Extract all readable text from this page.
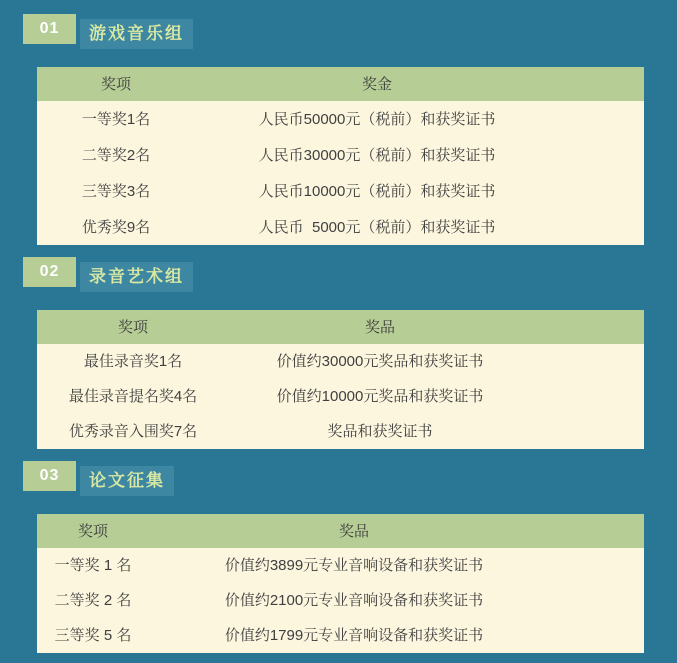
01	游戏音乐组
奖项	奖金
一等奖1名	人民币50000元（税前）和获奖证书
二等奖2名	人民币30000元（税前）和获奖证书
三等奖3名	人民币10000元（税前）和获奖证书
优秀奖9名	人民币  5000元（税前）和获奖证书
02	录音艺术组
奖项	奖品
最佳录音奖1名	价值约30000元奖品和获奖证书
最佳录音提名奖4名	价值约10000元奖品和获奖证书
优秀录音入围奖7名	奖品和获奖证书
03	论文征集
奖项	奖品
一等奖 1 名	价值约3899元专业音响设备和获奖证书
二等奖 2 名	价值约2100元专业音响设备和获奖证书
三等奖 5 名	价值约1799元专业音响设备和获奖证书
